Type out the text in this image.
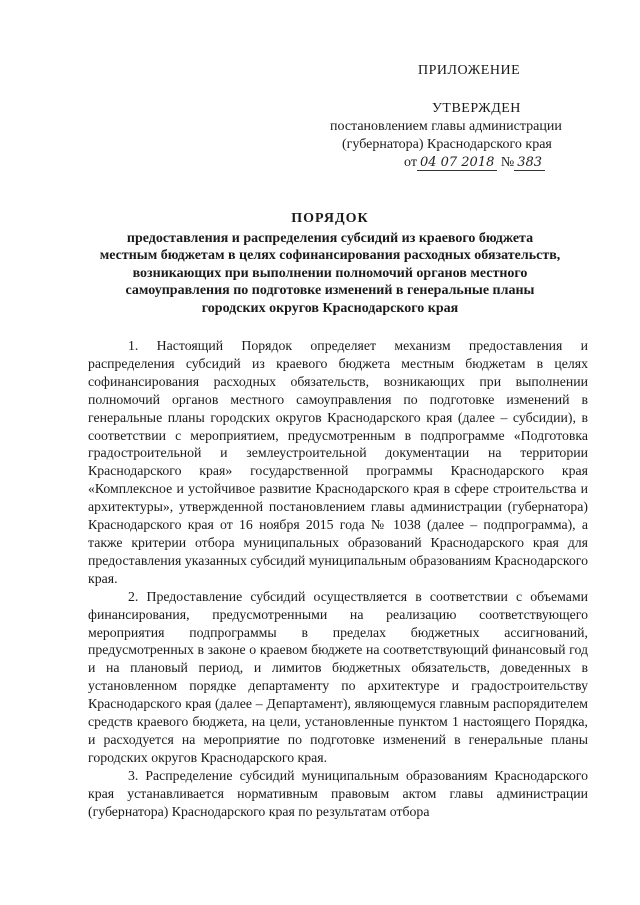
ПРИЛОЖЕНИЕ
УТВЕРЖДЕН
постановлением главы администрации
(губернатора) Краснодарского края
от 04 07 2018 № 383
ПОРЯДОК
предоставления и распределения субсидий из краевого бюджета
местным бюджетам в целях софинансирования расходных обязательств,
возникающих при выполнении полномочий органов местного
самоуправления по подготовке изменений в генеральные планы
городских округов Краснодарского края

1. Настоящий Порядок определяет механизм предоставления и распределения субсидий из краевого бюджета местным бюджетам в целях софинансирования расходных обязательств, возникающих при выполнении полномочий органов местного самоуправления по подготовке изменений в генеральные планы городских округов Краснодарского края (далее – субсидии), в соответствии с мероприятием, предусмотренным в подпрограмме «Подготовка градостроительной и землеустроительной документации на территории Краснодарского края» государственной программы Краснодарского края «Комплексное и устойчивое развитие Краснодарского края в сфере строительства и архитектуры», утвержденной постановлением главы администрации (губернатора) Краснодарского края от 16 ноября 2015 года № 1038 (далее – подпрограмма), а также критерии отбора муниципальных образований Краснодарского края для предоставления указанных субсидий муниципальным образованиям Краснодарского края.

2. Предоставление субсидий осуществляется в соответствии с объемами финансирования, предусмотренными на реализацию соответствующего мероприятия подпрограммы в пределах бюджетных ассигнований, предусмотренных в законе о краевом бюджете на соответствующий финансовый год и на плановый период, и лимитов бюджетных обязательств, доведенных в установленном порядке департаменту по архитектуре и градостроительству Краснодарского края (далее – Департамент), являющемуся главным распорядителем средств краевого бюджета, на цели, установленные пунктом 1 настоящего Порядка, и расходуется на мероприятие по подготовке изменений в генеральные планы городских округов Краснодарского края.

3. Распределение субсидий муниципальным образованиям Краснодарского края устанавливается нормативным правовым актом главы администрации (губернатора) Краснодарского края по результатам отбора
